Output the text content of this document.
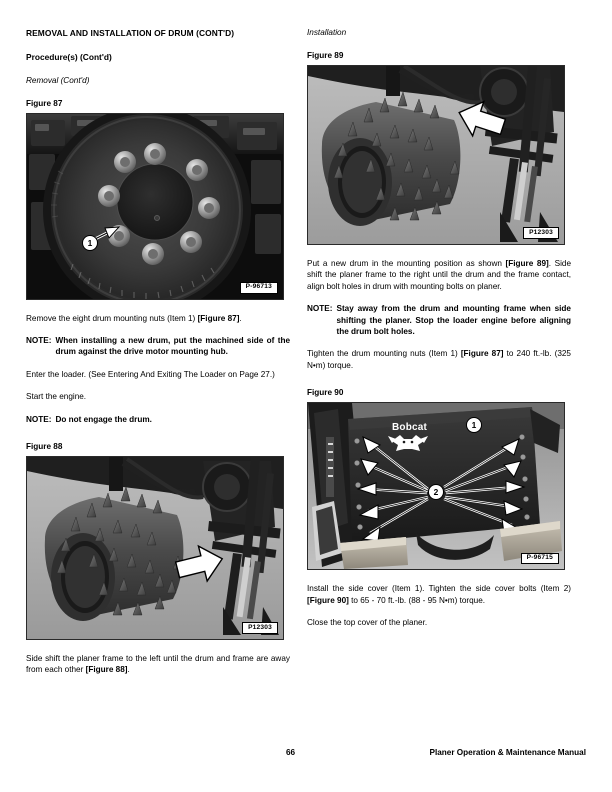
REMOVAL AND INSTALLATION OF DRUM (CONT'D)
Procedure(s) (Cont'd)
Removal (Cont'd)
Figure 87
1
P-96713

Remove the eight drum mounting nuts (Item 1) [Figure 87].

NOTE: When installing a new drum, put the machined side of the drum against the drive motor mounting hub.

Enter the loader. (See Entering And Exiting The Loader on Page 27.)

Start the engine.

NOTE: Do not engage the drum.
Figure 88
P12303

Side shift the planer frame to the left until the drum and frame are away from each other [Figure 88].

Installation
Figure 89
P12303

Put a new drum in the mounting position as shown [Figure 89]. Side shift the planer frame to the right until the drum and the frame contact, align bolt holes in drum with mounting bolts on planer.

NOTE: Stay away from the drum and mounting frame when side shifting the planer. Stop the loader engine before aligning the drum bolt holes.

Tighten the drum mounting nuts (Item 1) [Figure 87] to 240 ft.-lb. (325 N•m) torque.

Figure 90
Bobcat	1
2
P-96715

Install the side cover (Item 1). Tighten the side cover bolts (Item 2) [Figure 90] to 65 - 70 ft.-lb. (88 - 95 N•m) torque.

Close the top cover of the planer.

66	Planer Operation & Maintenance Manual
